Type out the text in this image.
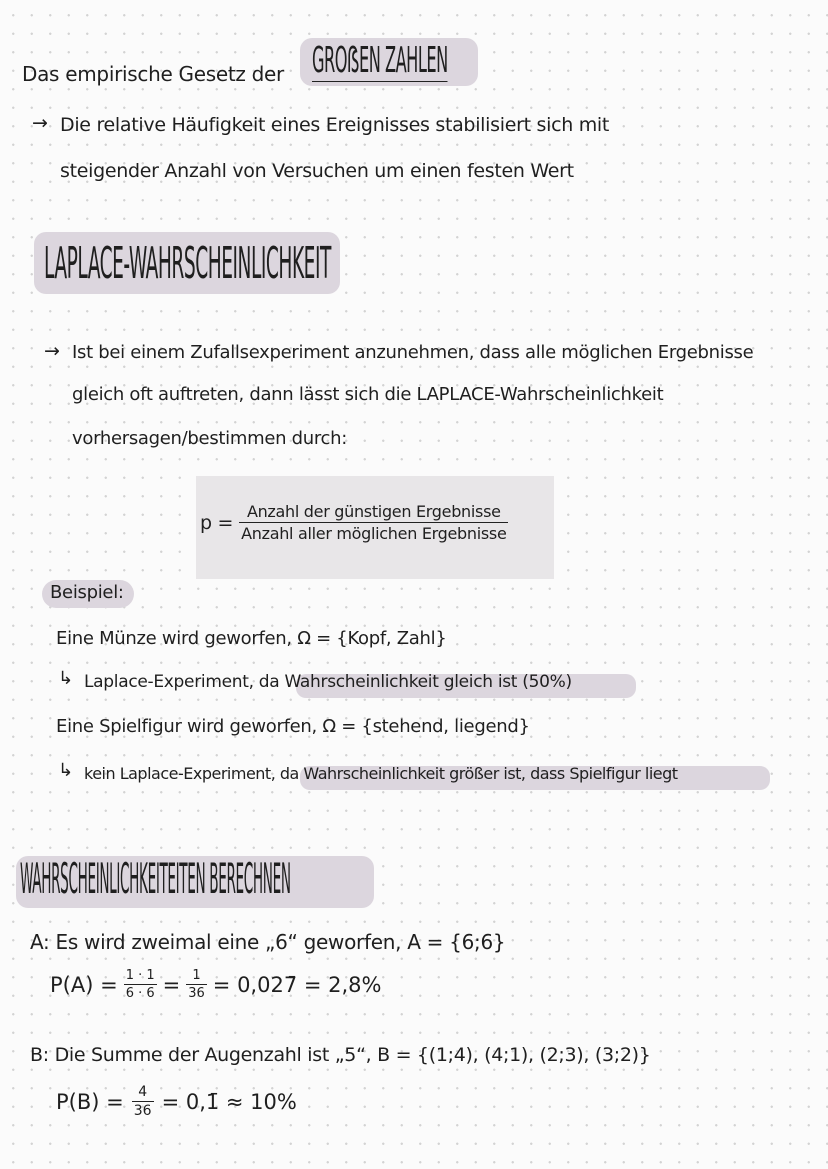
Das empirische Gesetz der GROẞEN ZAHLEN
→ Die relative Häufigkeit eines Ereignisses stabilisiert sich mit
steigender Anzahl von Versuchen um einen festen Wert
LAPLACE-WAHRSCHEINLICHKEIT
→ Ist bei einem Zufallsexperiment anzunehmen, dass alle möglichen Ergebnisse
gleich oft auftreten, dann lässt sich die LAPLACE-Wahrscheinlichkeit
vorhersagen/bestimmen durch:
$p = \frac{\text{Anzahl der günstigen Ergebnisse}}{\text{Anzahl aller möglichen Ergebnisse}}$
Beispiel:
Eine Münze wird geworfen, Ω = {Kopf, Zahl}
↳ Laplace-Experiment, da Wahrscheinlichkeit gleich ist (50%)
Eine Spielfigur wird geworfen, Ω = {stehend, liegend}
↳ kein Laplace-Experiment, da Wahrscheinlichkeit größer ist, dass Spielfigur liegt
WAHRSCHEINLICHKEITEITEN BERECHNEN
A: Es wird zweimal eine „6“ geworfen, A = {6;6}
$P(A) = \frac{1 \cdot 1}{6 \cdot 6} = \frac{1}{36}$ = 0,027̄ = 2,8%
B: Die Summe der Augenzahl ist „5“, B = {(1;4), (4;1), (2;3), (3;2)}
$P(B) = \frac{4}{36}$ = 0,1̄ ≈ 10%
